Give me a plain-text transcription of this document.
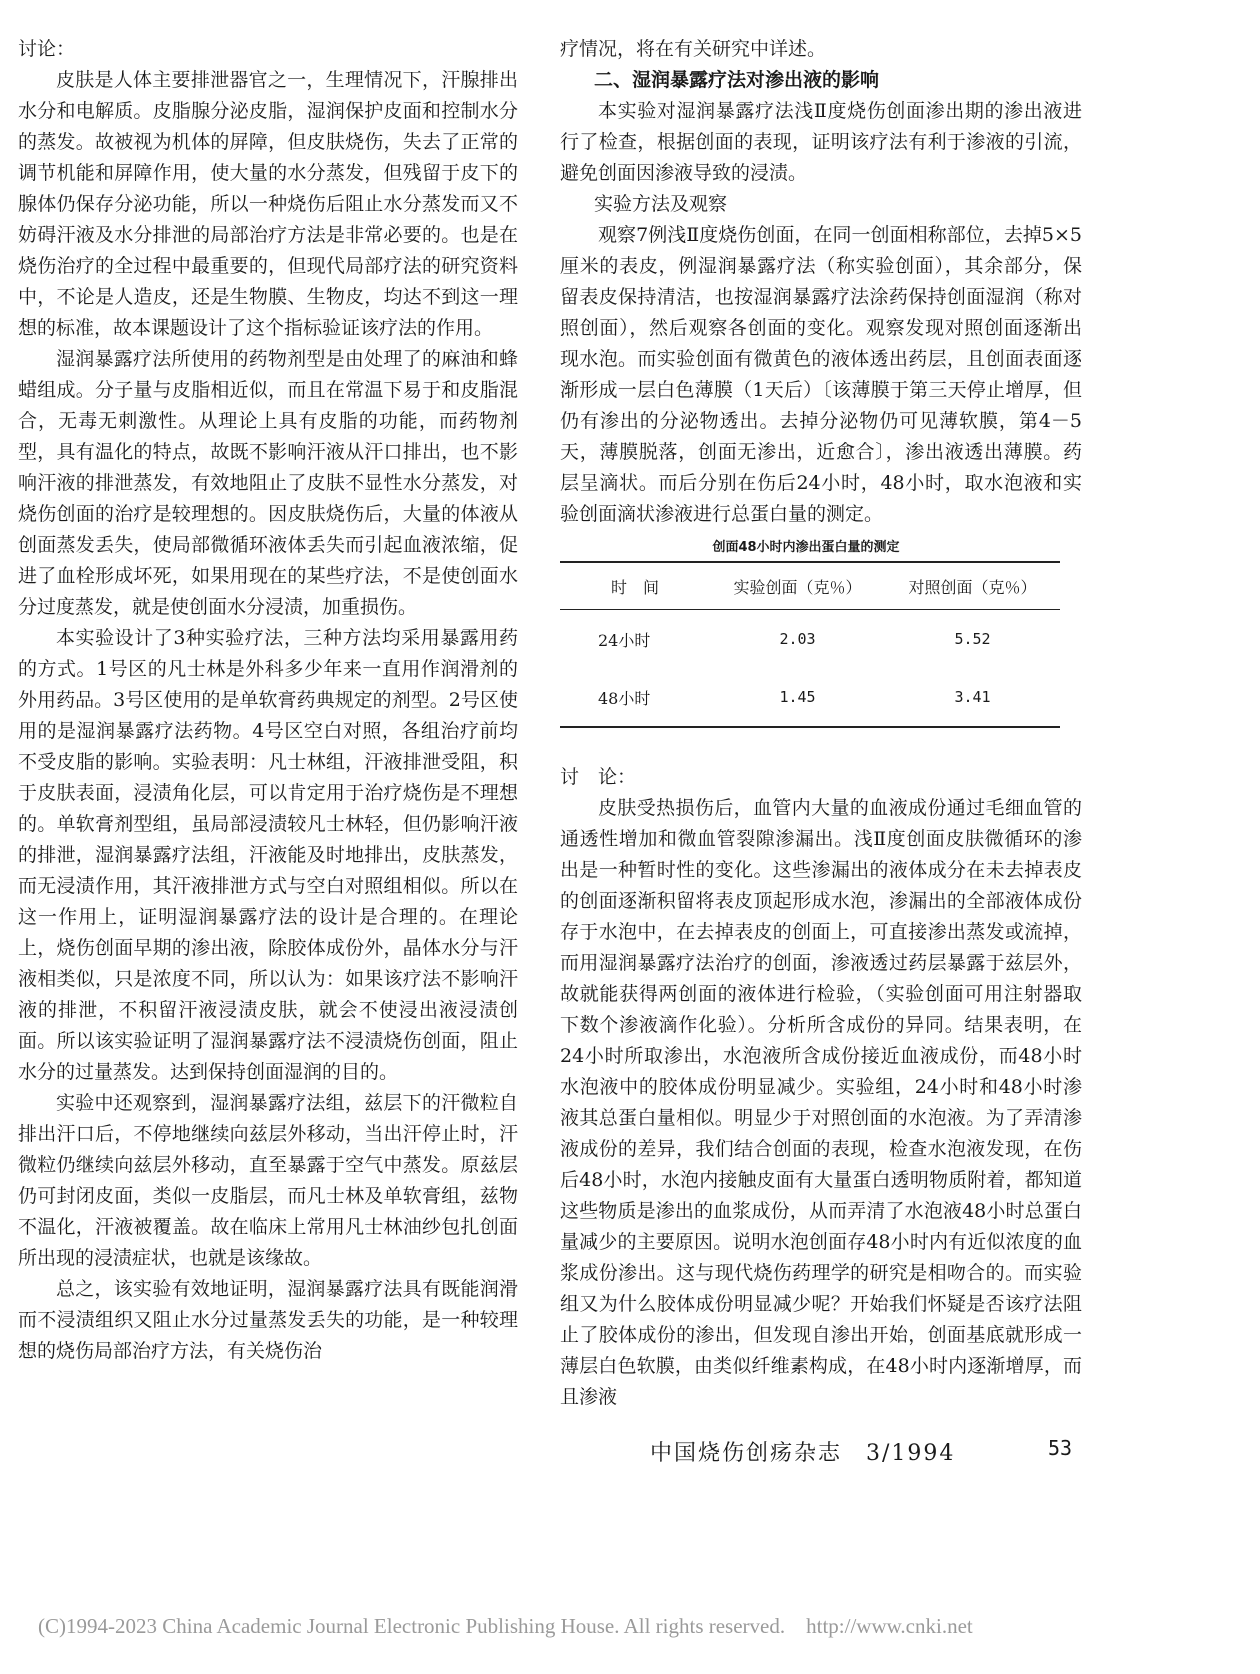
讨论：

皮肤是人体主要排泄器官之一，生理情况下，汗腺排出水分和电解质。皮脂腺分泌皮脂，湿润保护皮面和控制水分的蒸发。故被视为机体的屏障，但皮肤烧伤，失去了正常的调节机能和屏障作用，使大量的水分蒸发，但残留于皮下的腺体仍保存分泌功能，所以一种烧伤后阻止水分蒸发而又不妨碍汗液及水分排泄的局部治疗方法是非常必要的。也是在烧伤治疗的全过程中最重要的，但现代局部疗法的研究资料中，不论是人造皮，还是生物膜、生物皮，均达不到这一理想的标准，故本课题设计了这个指标验证该疗法的作用。

湿润暴露疗法所使用的药物剂型是由处理了的麻油和蜂蜡组成。分子量与皮脂相近似，而且在常温下易于和皮脂混合，无毒无刺激性。从理论上具有皮脂的功能，而药物剂型，具有温化的特点，故既不影响汗液从汗口排出，也不影响汗液的排泄蒸发，有效地阻止了皮肤不显性水分蒸发，对烧伤创面的治疗是较理想的。因皮肤烧伤后，大量的体液从创面蒸发丢失，使局部微循环液体丢失而引起血液浓缩，促进了血栓形成坏死，如果用现在的某些疗法，不是使创面水分过度蒸发，就是使创面水分浸渍，加重损伤。

本实验设计了3种实验疗法，三种方法均采用暴露用药的方式。1号区的凡士林是外科多少年来一直用作润滑剂的外用药品。3号区使用的是单软膏药典规定的剂型。2号区使用的是湿润暴露疗法药物。4号区空白对照，各组治疗前均不受皮脂的影响。实验表明：凡士林组，汗液排泄受阻，积于皮肤表面，浸渍角化层，可以肯定用于治疗烧伤是不理想的。单软膏剂型组，虽局部浸渍较凡士林轻，但仍影响汗液的排泄，湿润暴露疗法组，汗液能及时地排出，皮肤蒸发，而无浸渍作用，其汗液排泄方式与空白对照组相似。所以在这一作用上，证明湿润暴露疗法的设计是合理的。在理论上，烧伤创面早期的渗出液，除胶体成份外，晶体水分与汗液相类似，只是浓度不同，所以认为：如果该疗法不影响汗液的排泄，不积留汗液浸渍皮肤，就会不使浸出液浸渍创面。所以该实验证明了湿润暴露疗法不浸渍烧伤创面，阻止水分的过量蒸发。达到保持创面湿润的目的。

实验中还观察到，湿润暴露疗法组，兹层下的汗微粒自排出汗口后，不停地继续向兹层外移动，当出汗停止时，汗微粒仍继续向兹层外移动，直至暴露于空气中蒸发。原兹层仍可封闭皮面，类似一皮脂层，而凡士林及单软膏组，兹物不温化，汗液被覆盖。故在临床上常用凡士林油纱包扎创面所出现的浸渍症状，也就是该缘故。

总之，该实验有效地证明，湿润暴露疗法具有既能润滑而不浸渍组织又阻止水分过量蒸发丢失的功能，是一种较理想的烧伤局部治疗方法，有关烧伤治

疗情况，将在有关研究中详述。

二、湿润暴露疗法对渗出液的影响

本实验对湿润暴露疗法浅Ⅱ度烧伤创面渗出期的渗出液进行了检查，根据创面的表现，证明该疗法有利于渗液的引流，避免创面因渗液导致的浸渍。

实验方法及观察

观察7例浅Ⅱ度烧伤创面，在同一创面相称部位，去掉5×5厘米的表皮，例湿润暴露疗法（称实验创面），其余部分，保留表皮保持清洁，也按湿润暴露疗法涂药保持创面湿润（称对照创面），然后观察各创面的变化。观察发现对照创面逐渐出现水泡。而实验创面有微黄色的液体透出药层，且创面表面逐渐形成一层白色薄膜（1天后）〔该薄膜于第三天停止增厚，但仍有渗出的分泌物透出。去掉分泌物仍可见薄软膜，第4－5天，薄膜脱落，创面无渗出，近愈合〕，渗出液透出薄膜。药层呈滴状。而后分别在伤后24小时，48小时，取水泡液和实验创面滴状渗液进行总蛋白量的测定。

创面48小时内渗出蛋白量的测定

时　间	实验创面（克％）	对照创面（克％）
24小时	2.03	5.52
48小时	1.45	3.41

讨　论：

皮肤受热损伤后，血管内大量的血液成份通过毛细血管的通透性增加和微血管裂隙渗漏出。浅Ⅱ度创面皮肤微循环的渗出是一种暂时性的变化。这些渗漏出的液体成分在未去掉表皮的创面逐渐积留将表皮顶起形成水泡，渗漏出的全部液体成份存于水泡中，在去掉表皮的创面上，可直接渗出蒸发或流掉，而用湿润暴露疗法治疗的创面，渗液透过药层暴露于兹层外，故就能获得两创面的液体进行检验，（实验创面可用注射器取下数个渗液滴作化验）。分析所含成份的异同。结果表明，在24小时所取渗出，水泡液所含成份接近血液成份，而48小时水泡液中的胶体成份明显减少。实验组，24小时和48小时渗液其总蛋白量相似。明显少于对照创面的水泡液。为了弄清渗液成份的差异，我们结合创面的表现，检查水泡液发现，在伤后48小时，水泡内接触皮面有大量蛋白透明物质附着，都知道这些物质是渗出的血浆成份，从而弄清了水泡液48小时总蛋白量减少的主要原因。说明水泡创面存48小时内有近似浓度的血浆成份渗出。这与现代烧伤药理学的研究是相吻合的。而实验组又为什么胶体成份明显减少呢？开始我们怀疑是否该疗法阻止了胶体成份的渗出，但发现自渗出开始，创面基底就形成一薄层白色软膜，由类似纤维素构成，在48小时内逐渐增厚，而且渗液

中国烧伤创疡杂志　3/1994	53
(C)1994-2023 China Academic Journal Electronic Publishing House. All rights reserved.　http://www.cnki.net
